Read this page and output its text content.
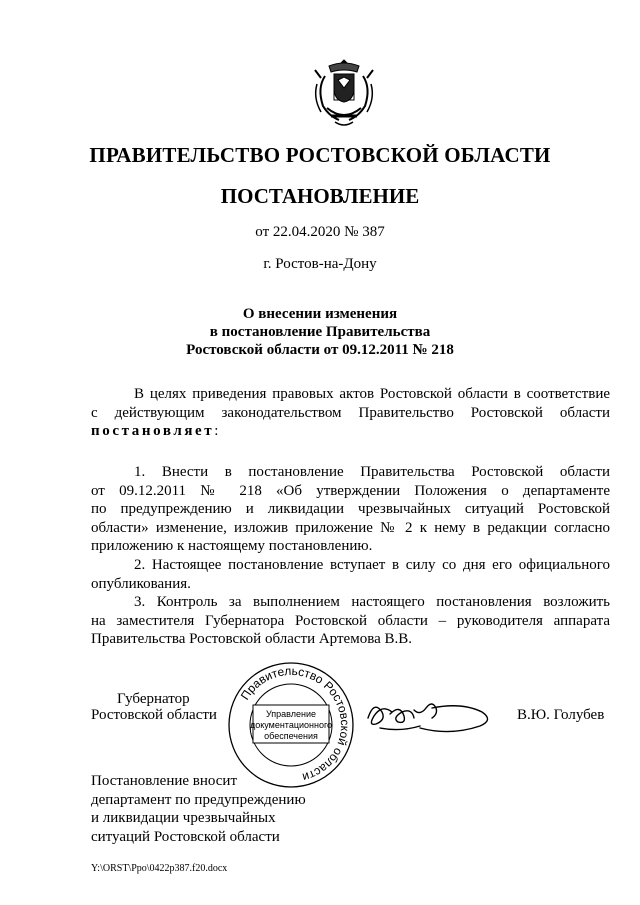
ПРАВИТЕЛЬСТВО РОСТОВСКОЙ ОБЛАСТИ
ПОСТАНОВЛЕНИЕ
от 22.04.2020 № 387
г. Ростов-на-Дону
О внесении изменения
в постановление Правительства
Ростовской области от 09.12.2011 № 218
В целях приведения правовых актов Ростовской области в соответствие
с действующим законодательством Правительство Ростовской области
постановляет:
1. Внести в постановление Правительства Ростовской области
от 09.12.2011 № 218 «Об утверждении Положения о департаменте
по предупреждению и ликвидации чрезвычайных ситуаций Ростовской
области» изменение, изложив приложение № 2 к нему в редакции согласно
приложению к настоящему постановлению.
2. Настоящее постановление вступает в силу со дня его официального
опубликования.
3. Контроль за выполнением настоящего постановления возложить
на заместителя Губернатора Ростовской области – руководителя аппарата
Правительства Ростовской области Артемова В.В.
Губернатор
Ростовской области	В.Ю. Голубев
Правительство Ростовской области
Управление
документационного
обеспечения
Постановление вносит
департамент по предупреждению
и ликвидации чрезвычайных
ситуаций Ростовской области
Y:\ORST\Ppo\0422p387.f20.docx
